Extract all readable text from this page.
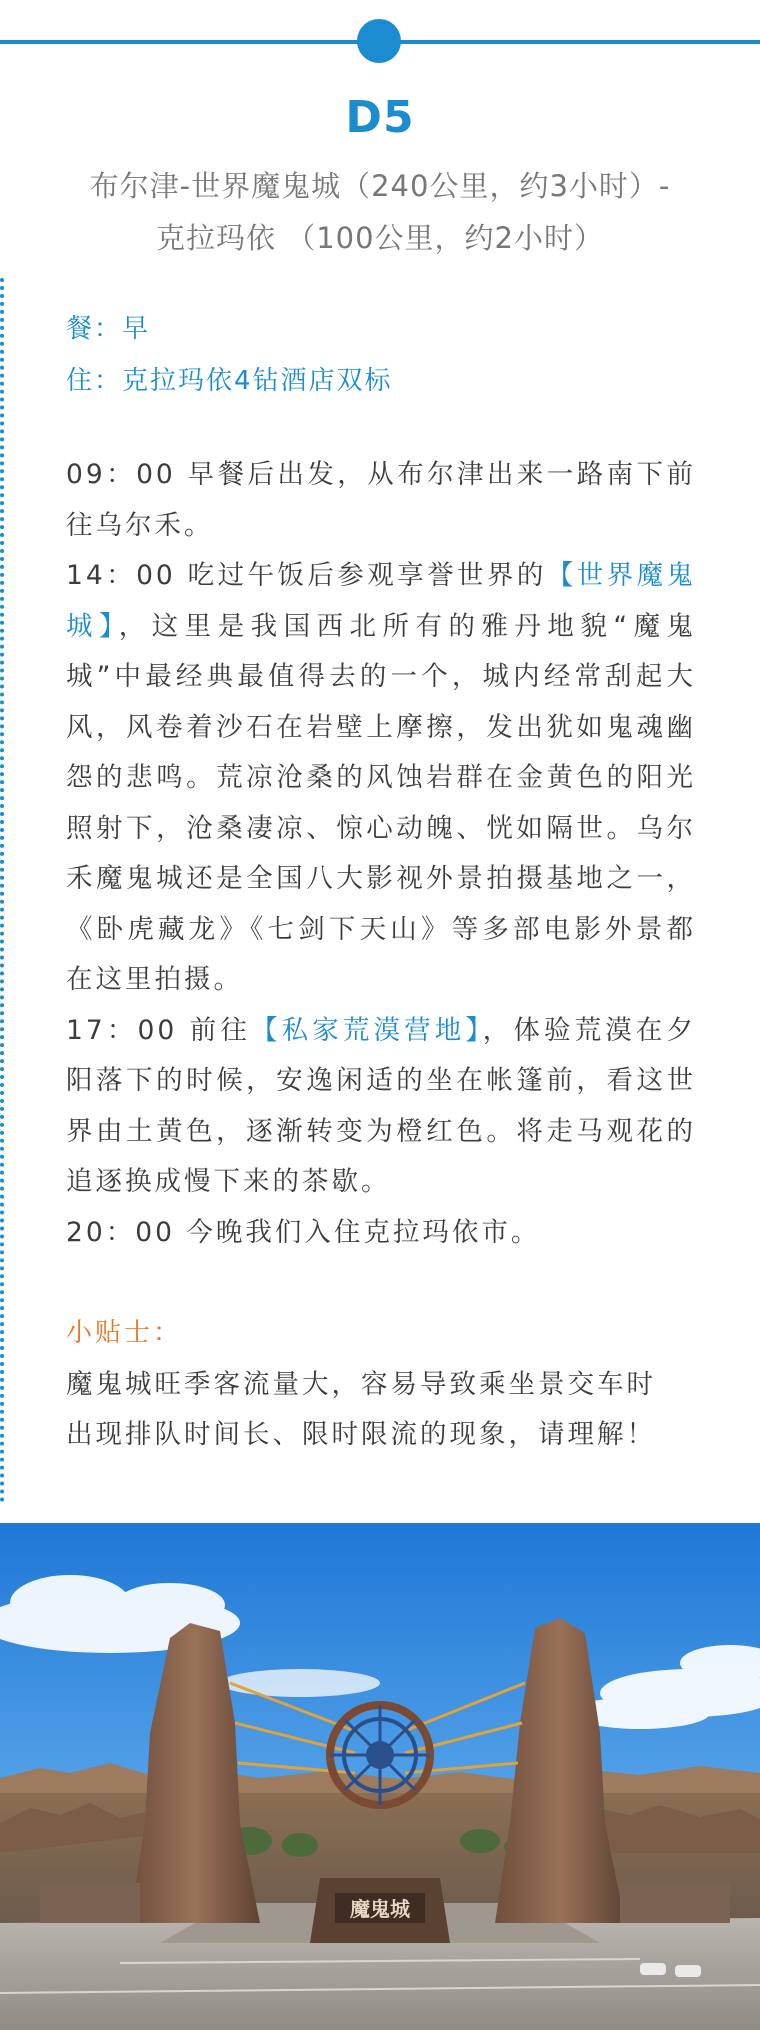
D5
布尔津-世界魔鬼城（240公里，约3小时）-
克拉玛依 （100公里，约2小时）
餐：早
住：克拉玛依4钻酒店双标

09：00 早餐后出发，从布尔津出来一路南下前往乌尔禾。

14：00 吃过午饭后参观享誉世界的【世界魔鬼城】，这里是我国西北所有的雅丹地貌“魔鬼城”中最经典最值得去的一个，城内经常刮起大风，风卷着沙石在岩壁上摩擦，发出犹如鬼魂幽怨的悲鸣。荒凉沧桑的风蚀岩群在金黄色的阳光照射下，沧桑凄凉、惊心动魄、恍如隔世。乌尔禾魔鬼城还是全国八大影视外景拍摄基地之一，《卧虎藏龙》《七剑下天山》等多部电影外景都在这里拍摄。

17：00 前往【私家荒漠营地】，体验荒漠在夕阳落下的时候，安逸闲适的坐在帐篷前，看这世界由土黄色，逐渐转变为橙红色。将走马观花的追逐换成慢下来的茶歇。

20：00 今晚我们入住克拉玛依市。

小贴士：
魔鬼城旺季客流量大，容易导致乘坐景交车时
出现排队时间长、限时限流的现象，请理解！
魔鬼城
